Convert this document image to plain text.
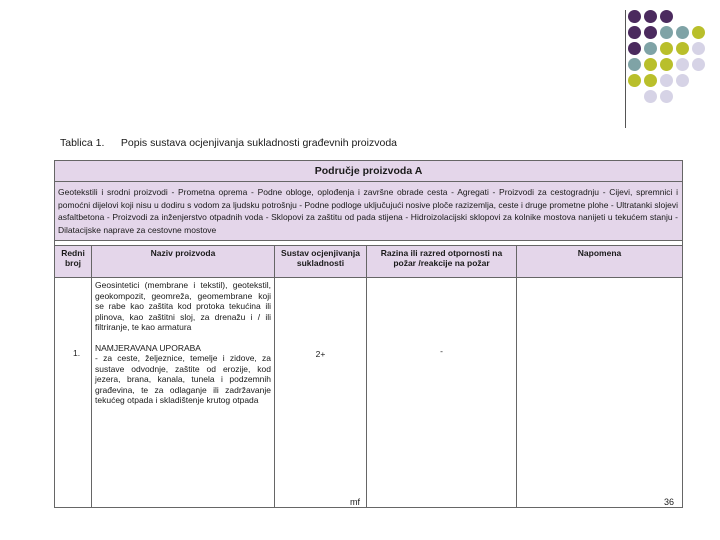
Tablica 1. Popis sustava ocjenjivanja sukladnosti građevnih proizvoda
Područje proizvoda A				
Geotekstili i srodni proizvodi - Prometna oprema - Podne obloge, oplođenja i završne obrade cesta - Agregati - Proizvodi za cestogradnju - Cijevi, spremnici i pomoćni dijelovi koji nisu u dodiru s vodom za ljudsku potrošnju - Podne podloge uključujući nosive ploče razizemlja, ceste i druge prometne plohe - Ultratanki slojevi asfaltbetona - Proizvodi za inženjerstvo otpadnih voda - Sklopovi za zaštitu od pada stijena - Hidroizolacijski sklopovi za kolnike mostova nanijeti u tekućem stanju - Dilatacijske naprave za cestovne mostove				

Redni broj	Naziv proizvoda	Sustav ocjenjivanja sukladnosti	Razina ili razred otpornosti na požar /reakcije na požar	Napomena
1.	Geosintetici (membrane i tekstil), geotekstil, geokompozit, geomreža, geomembrane koji se rabe kao zaštita kod protoka tekućina ili plinova, kao zaštitni sloj, za drenažu i / ili filtriranje, te kao armatura

NAMJERAVANA UPORABA
- za ceste, željeznice, temelje i zidove, za sustave odvodnje, zaštite od erozije, kod jezera, brana, kanala, tunela i podzemnih građevina, te za odlaganje ili zadržavanje tekućeg otpada i skladištenje krutog otpada	2+	-	
mf	36
